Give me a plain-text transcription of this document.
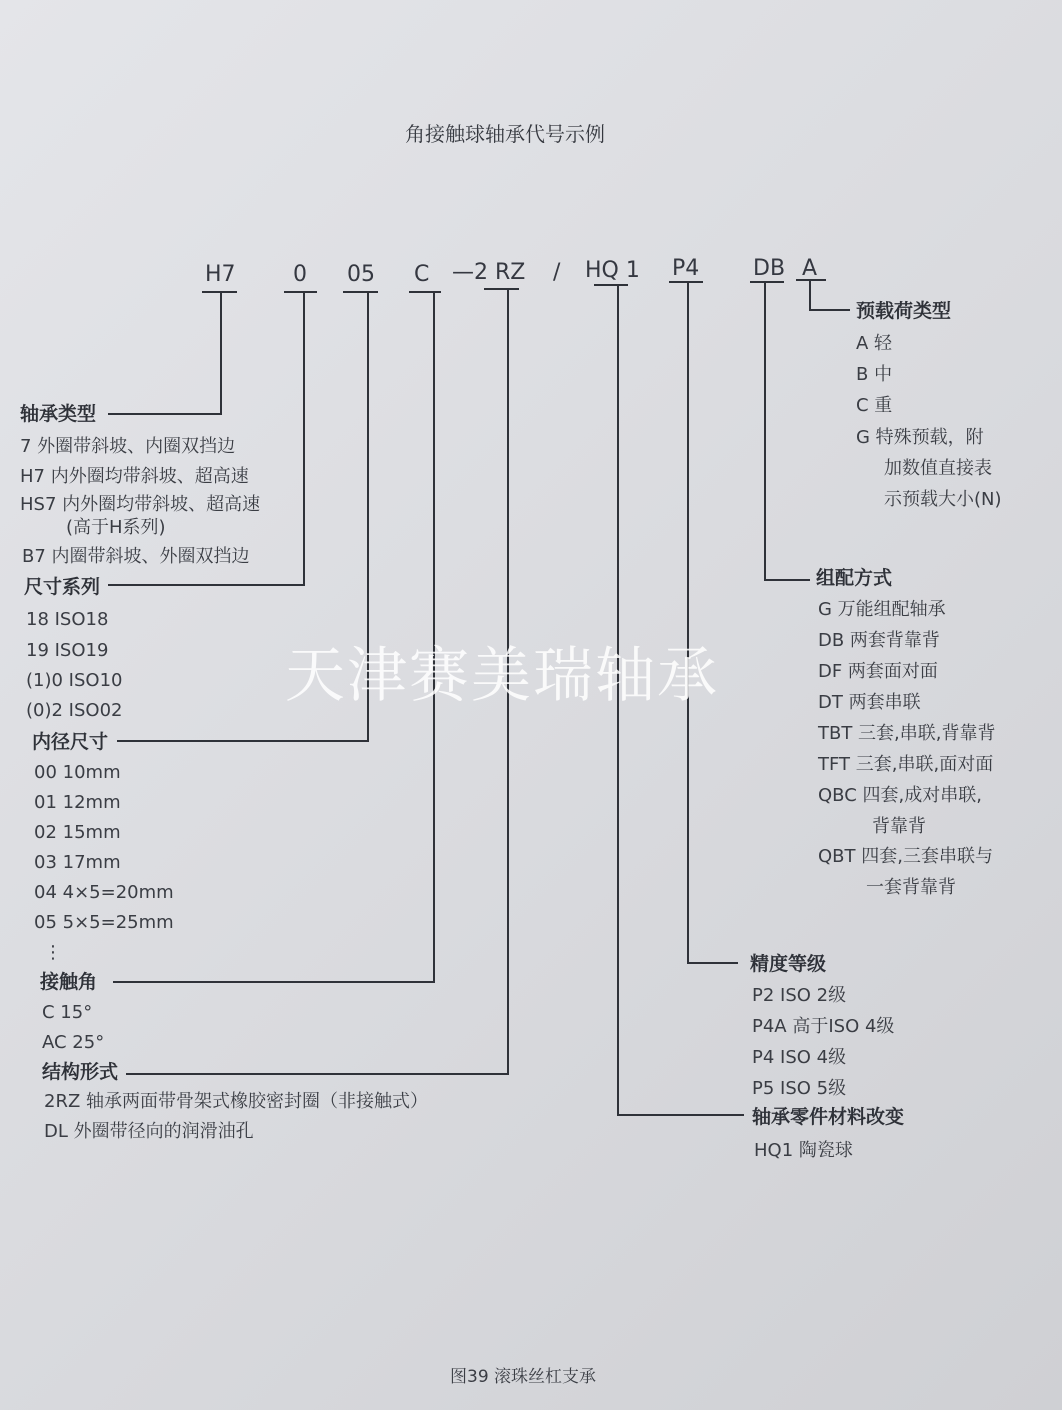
角接触球轴承代号示例
H7	0 05 C —2 RZ / HQ 1 P4 DB A
轴承类型
7 外圈带斜坡、内圈双挡边
H7 内外圈均带斜坡、超高速
HS7 内外圈均带斜坡、超高速
(高于H系列)
B7 内圈带斜坡、外圈双挡边
尺寸系列
18 ISO18
19 ISO19
(1)0 ISO10
(0)2 ISO02
内径尺寸
00 10mm
01 12mm
02 15mm
03 17mm
04 4×5=20mm
05 5×5=25mm
⋮
接触角
C 15°
AC 25°
结构形式
2RZ 轴承两面带骨架式橡胶密封圈（非接触式）
DL 外圈带径向的润滑油孔
预载荷类型
A 轻
B 中
C 重
G 特殊预载，附
加数值直接表
示预载大小(N)
组配方式
G 万能组配轴承
DB 两套背靠背
DF 两套面对面
DT 两套串联
TBT 三套,串联,背靠背
TFT 三套,串联,面对面
QBC 四套,成对串联,
背靠背
QBT 四套,三套串联与
一套背靠背
精度等级
P2 ISO 2级
P4A 高于ISO 4级
P4 ISO 4级
P5 ISO 5级
轴承零件材料改变
HQ1 陶瓷球
天津赛美瑞轴承
图39 滚珠丝杠支承
